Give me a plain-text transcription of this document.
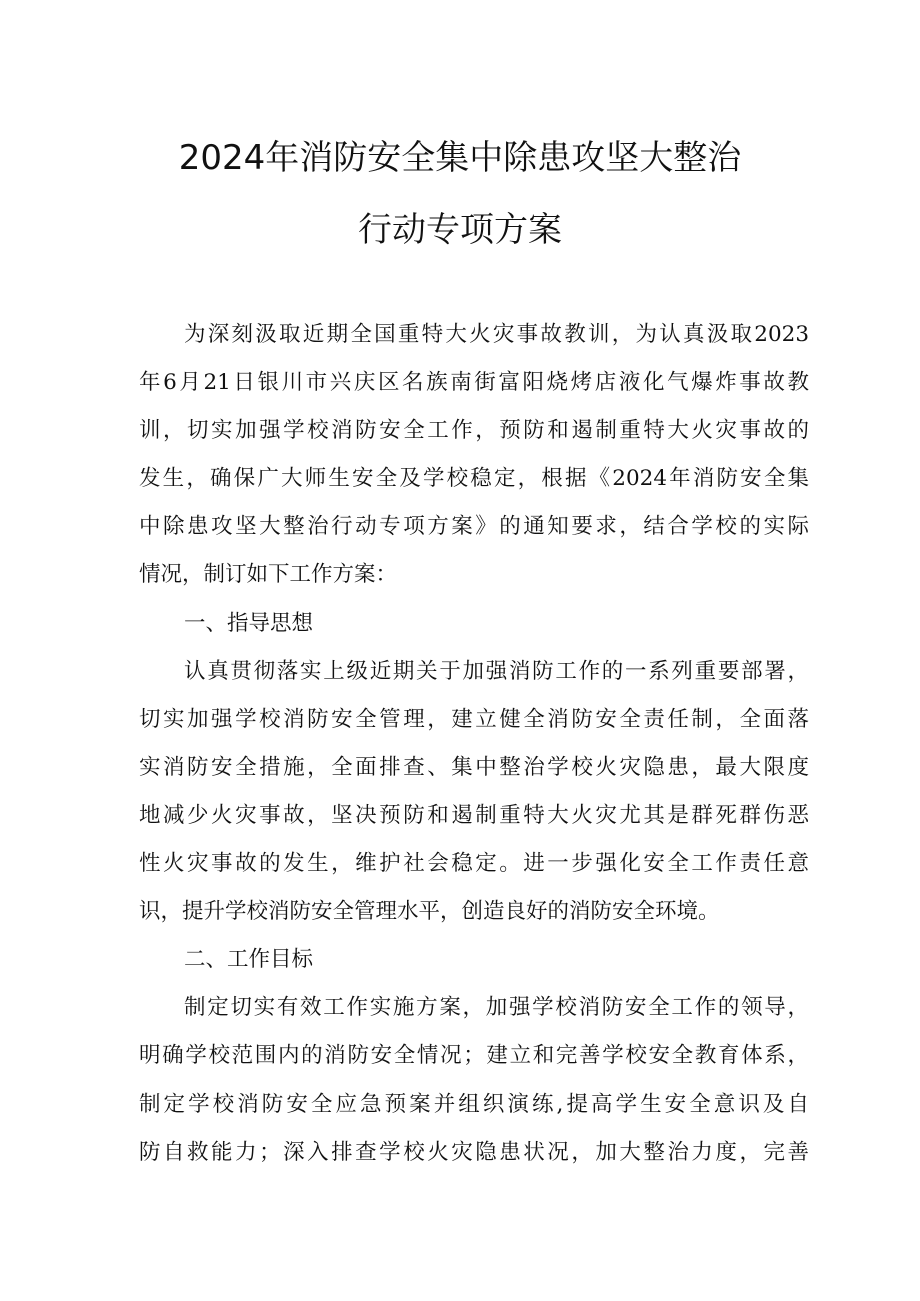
2024年消防安全集中除患攻坚大整治
行动专项方案
为深刻汲取近期全国重特大火灾事故教训，为认真汲取2023
年6月21日银川市兴庆区名族南街富阳烧烤店液化气爆炸事故教
训，切实加强学校消防安全工作，预防和遏制重特大火灾事故的
发生，确保广大师生安全及学校稳定，根据《2024年消防安全集
中除患攻坚大整治行动专项方案》的通知要求，结合学校的实际
情况，制订如下工作方案：
一、指导思想
认真贯彻落实上级近期关于加强消防工作的一系列重要部署，
切实加强学校消防安全管理，建立健全消防安全责任制，全面落
实消防安全措施，全面排查、集中整治学校火灾隐患，最大限度
地减少火灾事故，坚决预防和遏制重特大火灾尤其是群死群伤恶
性火灾事故的发生，维护社会稳定。进一步强化安全工作责任意
识，提升学校消防安全管理水平，创造良好的消防安全环境。
二、工作目标
制定切实有效工作实施方案，加强学校消防安全工作的领导，
明确学校范围内的消防安全情况；建立和完善学校安全教育体系，
制定学校消防安全应急预案并组织演练,提高学生安全意识及自
防自救能力；深入排查学校火灾隐患状况，加大整治力度，完善
